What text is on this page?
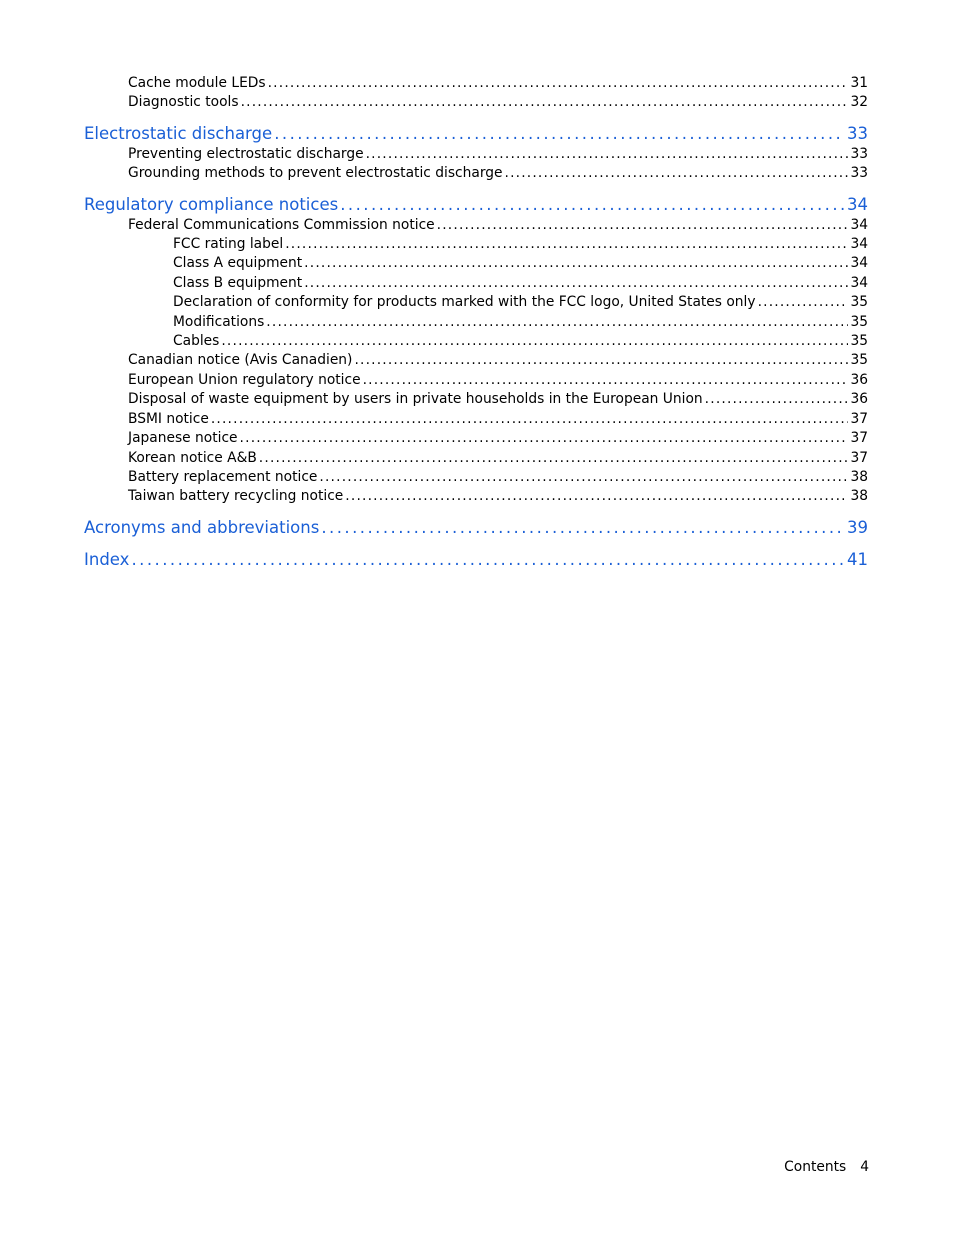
Cache module LEDs . . .	31
Diagnostic tools . . .	32
Electrostatic discharge . . .	33
Preventing electrostatic discharge . . .	33
Grounding methods to prevent electrostatic discharge . . .	33
Regulatory compliance notices . . .	34
Federal Communications Commission notice . . .	34
FCC rating label . . .	34
Class A equipment . . .	34
Class B equipment . . .	34
Declaration of conformity for products marked with the FCC logo, United States only . . .	35
Modifications . . .	35
Cables . . .	35
Canadian notice (Avis Canadien) . . .	35
European Union regulatory notice . . .	36
Disposal of waste equipment by users in private households in the European Union . . .	36
BSMI notice . . .	37
Japanese notice . . .	37
Korean notice A&B . . .	37
Battery replacement notice . . .	38
Taiwan battery recycling notice . . .	38
Acronyms and abbreviations . . .	39
Index . . .	41
Contents 4
